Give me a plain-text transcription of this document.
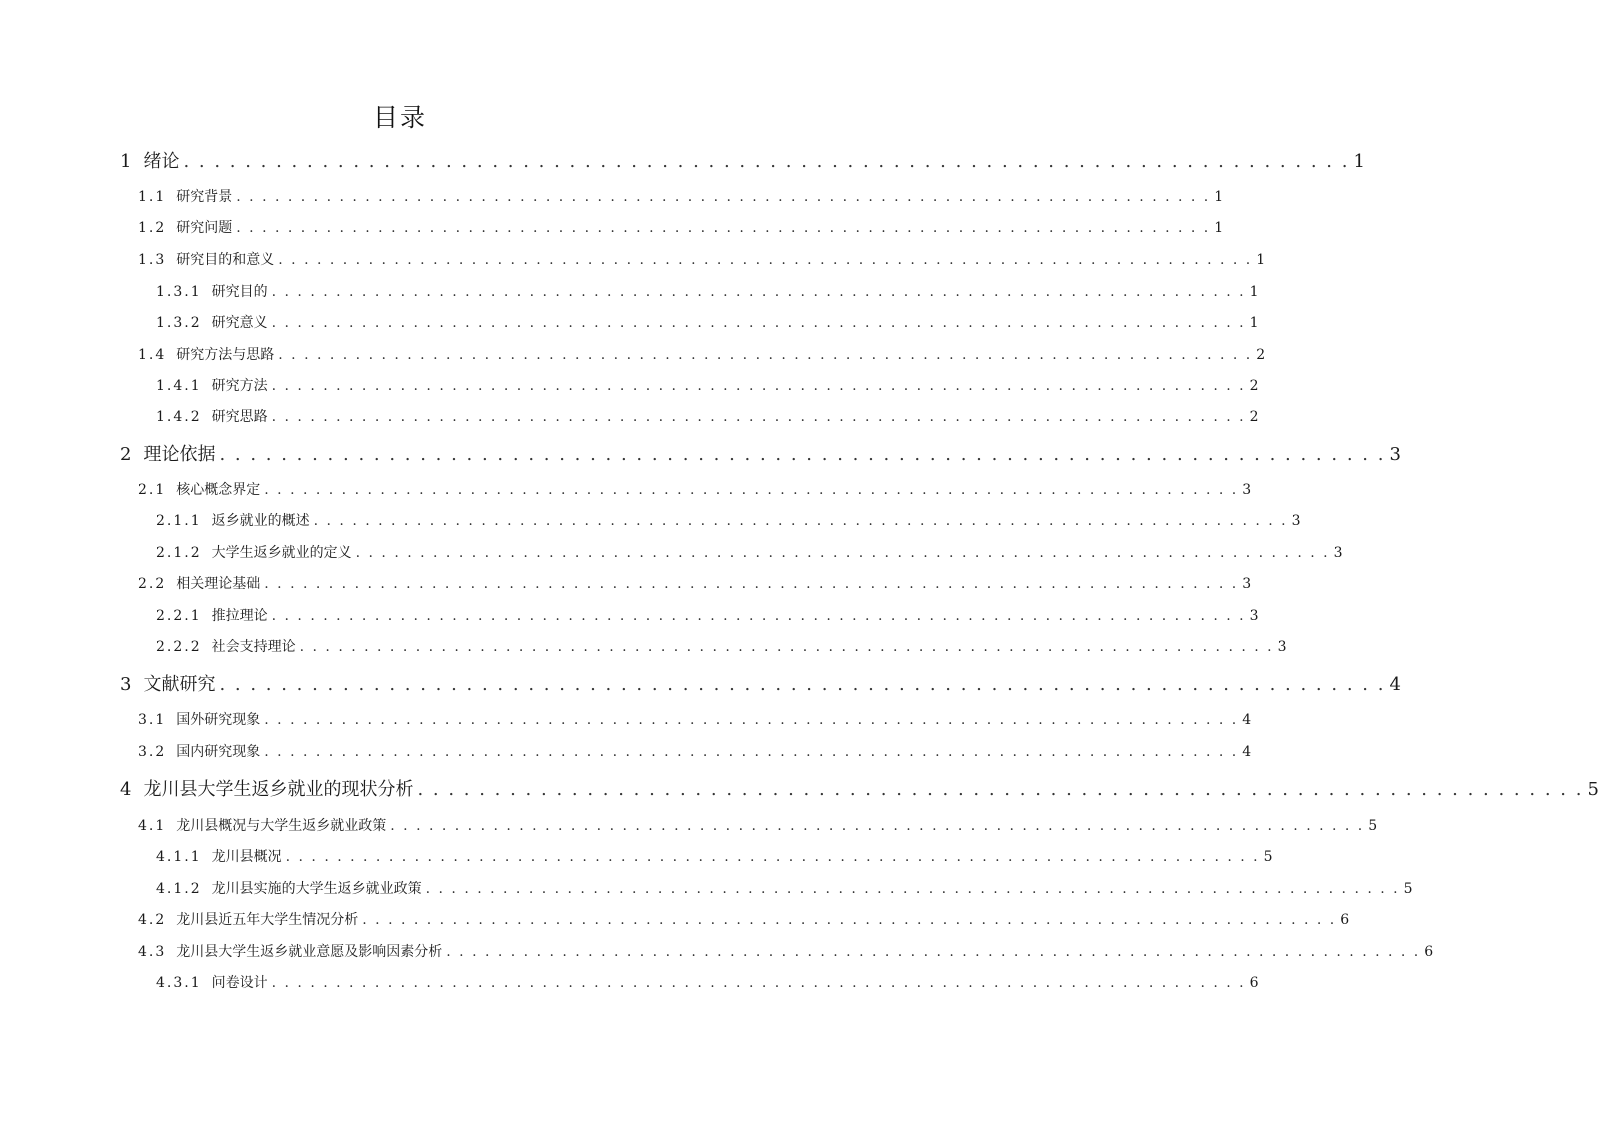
目录
1 绪论 . . . . . . . . . . . . . . . . . . . . . . . . . . . . . . . . . . . . . . . . . . . . . . . . . . . . . . . . . . . . . . . . . . . . . . . . . . . . 1
1.1 研究背景 . . . . . . . . . . . . . . . . . . . . . . . . . . . . . . . . . . . . . . . . . . . . . . . . . . . . . . . . . . . . . . . . . . . . . . . . . . . . 1
1.2 研究问题 . . . . . . . . . . . . . . . . . . . . . . . . . . . . . . . . . . . . . . . . . . . . . . . . . . . . . . . . . . . . . . . . . . . . . . . . . . . . 1
1.3 研究目的和意义 . . . . . . . . . . . . . . . . . . . . . . . . . . . . . . . . . . . . . . . . . . . . . . . . . . . . . . . . . . . . . . . . . . . . . . . . . . . . 1
1.3.1 研究目的 . . . . . . . . . . . . . . . . . . . . . . . . . . . . . . . . . . . . . . . . . . . . . . . . . . . . . . . . . . . . . . . . . . . . . . . . . . . . 1
1.3.2 研究意义 . . . . . . . . . . . . . . . . . . . . . . . . . . . . . . . . . . . . . . . . . . . . . . . . . . . . . . . . . . . . . . . . . . . . . . . . . . . . 1
1.4 研究方法与思路 . . . . . . . . . . . . . . . . . . . . . . . . . . . . . . . . . . . . . . . . . . . . . . . . . . . . . . . . . . . . . . . . . . . . . . . . . . . . 2
1.4.1 研究方法 . . . . . . . . . . . . . . . . . . . . . . . . . . . . . . . . . . . . . . . . . . . . . . . . . . . . . . . . . . . . . . . . . . . . . . . . . . . . 2
1.4.2 研究思路 . . . . . . . . . . . . . . . . . . . . . . . . . . . . . . . . . . . . . . . . . . . . . . . . . . . . . . . . . . . . . . . . . . . . . . . . . . . . 2
2 理论依据 . . . . . . . . . . . . . . . . . . . . . . . . . . . . . . . . . . . . . . . . . . . . . . . . . . . . . . . . . . . . . . . . . . . . . . . . . . . . 3
2.1 核心概念界定 . . . . . . . . . . . . . . . . . . . . . . . . . . . . . . . . . . . . . . . . . . . . . . . . . . . . . . . . . . . . . . . . . . . . . . . . . . . . 3
2.1.1 返乡就业的概述 . . . . . . . . . . . . . . . . . . . . . . . . . . . . . . . . . . . . . . . . . . . . . . . . . . . . . . . . . . . . . . . . . . . . . . . . . . . . 3
2.1.2 大学生返乡就业的定义 . . . . . . . . . . . . . . . . . . . . . . . . . . . . . . . . . . . . . . . . . . . . . . . . . . . . . . . . . . . . . . . . . . . . . . . . . . . . 3
2.2 相关理论基础 . . . . . . . . . . . . . . . . . . . . . . . . . . . . . . . . . . . . . . . . . . . . . . . . . . . . . . . . . . . . . . . . . . . . . . . . . . . . 3
2.2.1 推拉理论 . . . . . . . . . . . . . . . . . . . . . . . . . . . . . . . . . . . . . . . . . . . . . . . . . . . . . . . . . . . . . . . . . . . . . . . . . . . . 3
2.2.2 社会支持理论 . . . . . . . . . . . . . . . . . . . . . . . . . . . . . . . . . . . . . . . . . . . . . . . . . . . . . . . . . . . . . . . . . . . . . . . . . . . . 3
3 文献研究 . . . . . . . . . . . . . . . . . . . . . . . . . . . . . . . . . . . . . . . . . . . . . . . . . . . . . . . . . . . . . . . . . . . . . . . . . . . . 4
3.1 国外研究现象 . . . . . . . . . . . . . . . . . . . . . . . . . . . . . . . . . . . . . . . . . . . . . . . . . . . . . . . . . . . . . . . . . . . . . . . . . . . . 4
3.2 国内研究现象 . . . . . . . . . . . . . . . . . . . . . . . . . . . . . . . . . . . . . . . . . . . . . . . . . . . . . . . . . . . . . . . . . . . . . . . . . . . . 4
4 龙川县大学生返乡就业的现状分析 . . . . . . . . . . . . . . . . . . . . . . . . . . . . . . . . . . . . . . . . . . . . . . . . . . . . . . . . . . . . . . . . . . . . . . . . . . . . 5
4.1 龙川县概况与大学生返乡就业政策 . . . . . . . . . . . . . . . . . . . . . . . . . . . . . . . . . . . . . . . . . . . . . . . . . . . . . . . . . . . . . . . . . . . . . . . . . . . . 5
4.1.1 龙川县概况 . . . . . . . . . . . . . . . . . . . . . . . . . . . . . . . . . . . . . . . . . . . . . . . . . . . . . . . . . . . . . . . . . . . . . . . . . . . . 5
4.1.2 龙川县实施的大学生返乡就业政策 . . . . . . . . . . . . . . . . . . . . . . . . . . . . . . . . . . . . . . . . . . . . . . . . . . . . . . . . . . . . . . . . . . . . . . . . . . . . 5
4.2 龙川县近五年大学生情况分析 . . . . . . . . . . . . . . . . . . . . . . . . . . . . . . . . . . . . . . . . . . . . . . . . . . . . . . . . . . . . . . . . . . . . . . . . . . . . 6
4.3 龙川县大学生返乡就业意愿及影响因素分析 . . . . . . . . . . . . . . . . . . . . . . . . . . . . . . . . . . . . . . . . . . . . . . . . . . . . . . . . . . . . . . . . . . . . . . . . . . . . 6
4.3.1 问卷设计 . . . . . . . . . . . . . . . . . . . . . . . . . . . . . . . . . . . . . . . . . . . . . . . . . . . . . . . . . . . . . . . . . . . . . . . . . . . . 6
